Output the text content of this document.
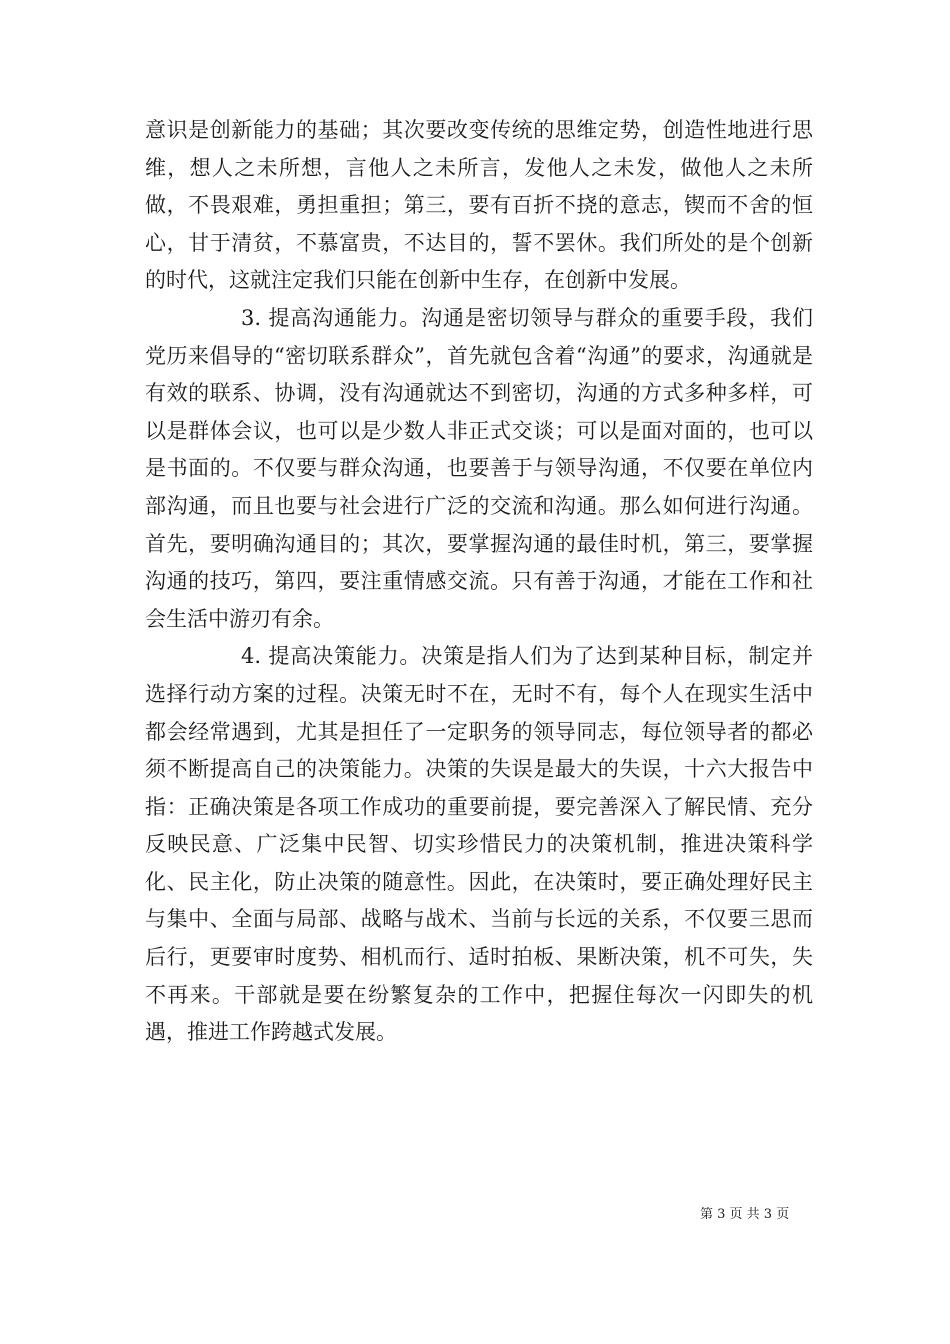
意识是创新能力的基础；其次要改变传统的思维定势，创造性地进行思维，想人之未所想，言他人之未所言，发他人之未发，做他人之未所做，不畏艰难，勇担重担；第三，要有百折不挠的意志，锲而不舍的恒心，甘于清贫，不慕富贵，不达目的，誓不罢休。我们所处的是个创新的时代，这就注定我们只能在创新中生存，在创新中发展。

3. 提高沟通能力。沟通是密切领导与群众的重要手段，我们党历来倡导的“密切联系群众”，首先就包含着“沟通”的要求，沟通就是有效的联系、协调，没有沟通就达不到密切，沟通的方式多种多样，可以是群体会议，也可以是少数人非正式交谈；可以是面对面的，也可以是书面的。不仅要与群众沟通，也要善于与领导沟通，不仅要在单位内部沟通，而且也要与社会进行广泛的交流和沟通。那么如何进行沟通。首先，要明确沟通目的；其次，要掌握沟通的最佳时机，第三，要掌握沟通的技巧，第四，要注重情感交流。只有善于沟通，才能在工作和社会生活中游刃有余。

4. 提高决策能力。决策是指人们为了达到某种目标，制定并选择行动方案的过程。决策无时不在，无时不有，每个人在现实生活中都会经常遇到，尤其是担任了一定职务的领导同志，每位领导者的都必须不断提高自己的决策能力。决策的失误是最大的失误，十六大报告中指：正确决策是各项工作成功的重要前提，要完善深入了解民情、充分反映民意、广泛集中民智、切实珍惜民力的决策机制，推进决策科学化、民主化，防止决策的随意性。因此，在决策时，要正确处理好民主与集中、全面与局部、战略与战术、当前与长远的关系，不仅要三思而后行，更要审时度势、相机而行、适时拍板、果断决策，机不可失，失不再来。干部就是要在纷繁复杂的工作中，把握住每次一闪即失的机遇，推进工作跨越式发展。

第 3 页 共 3 页
